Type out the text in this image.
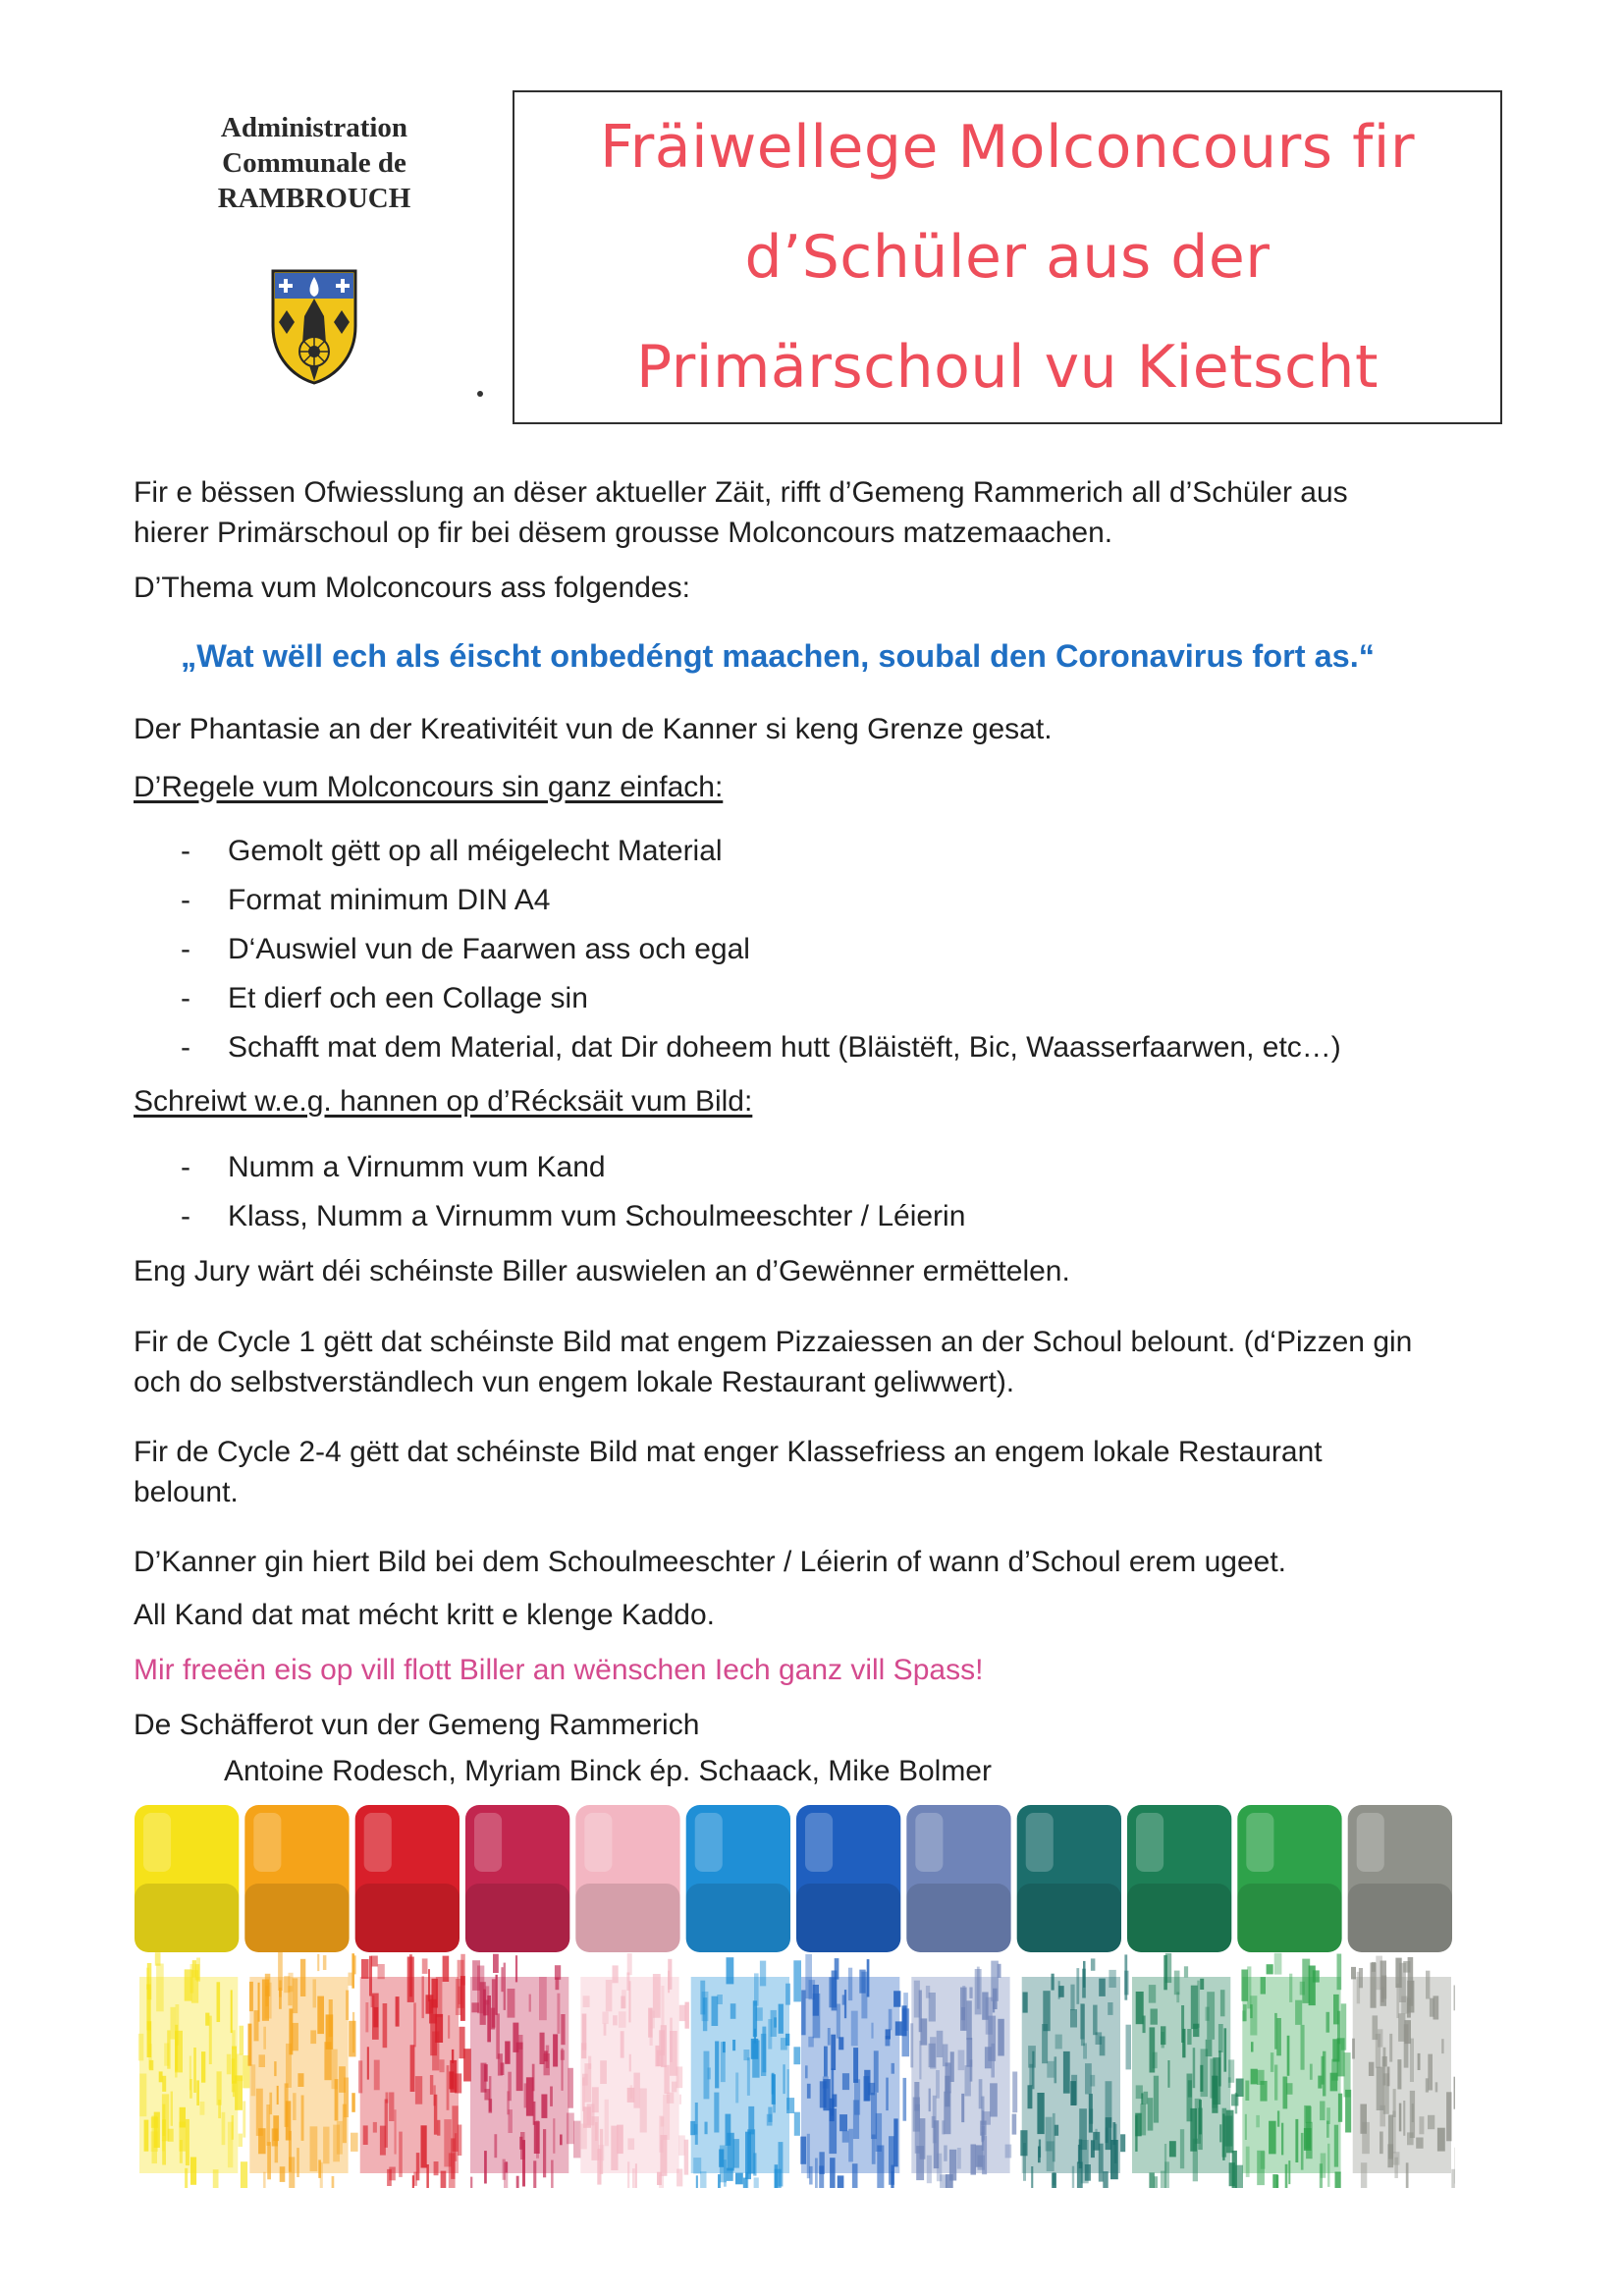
Administration
Communale de
RAMBROUCH
Fräiwellege Molconcours fir
d’Schüler aus der
Primärschoul vu Kietscht
Fir e bëssen Ofwiesslung an dëser aktueller Zäit, rifft d’Gemeng Rammerich all d’Schüler aus
hierer Primärschoul op fir bei dësem grousse Molconcours matzemaachen.
D’Thema vum Molconcours ass folgendes:
„Wat wëll ech als éischt onbedéngt maachen, soubal den Coronavirus fort as.“
Der Phantasie an der Kreativitéit vun de Kanner si keng Grenze gesat.
D’Regele vum Molconcours sin ganz einfach:
- Gemolt gëtt op all méigelecht Material
- Format minimum DIN A4
- D‘Auswiel vun de Faarwen ass och egal
- Et dierf och een Collage sin
- Schafft mat dem Material, dat Dir doheem hutt (Bläistëft, Bic, Waasserfaarwen, etc…)
Schreiwt w.e.g. hannen op d’Récksäit vum Bild:
- Numm a Virnumm vum Kand
- Klass, Numm a Virnumm vum Schoulmeeschter / Léierin
Eng Jury wärt déi schéinste Biller auswielen an d’Gewënner ermëttelen.
Fir de Cycle 1 gëtt dat schéinste Bild mat engem Pizzaiessen an der Schoul belount. (d‘Pizzen gin
och do selbstverständlech vun engem lokale Restaurant geliwwert).
Fir de Cycle 2-4 gëtt dat schéinste Bild mat enger Klassefriess an engem lokale Restaurant
belount.
D’Kanner gin hiert Bild bei dem Schoulmeeschter / Léierin of wann d’Schoul erem ugeet.
All Kand dat mat mécht kritt e klenge Kaddo.
Mir freeën eis op vill flott Biller an wënschen Iech ganz vill Spass!
De Schäfferot vun der Gemeng Rammerich
Antoine Rodesch, Myriam Binck ép. Schaack, Mike Bolmer
